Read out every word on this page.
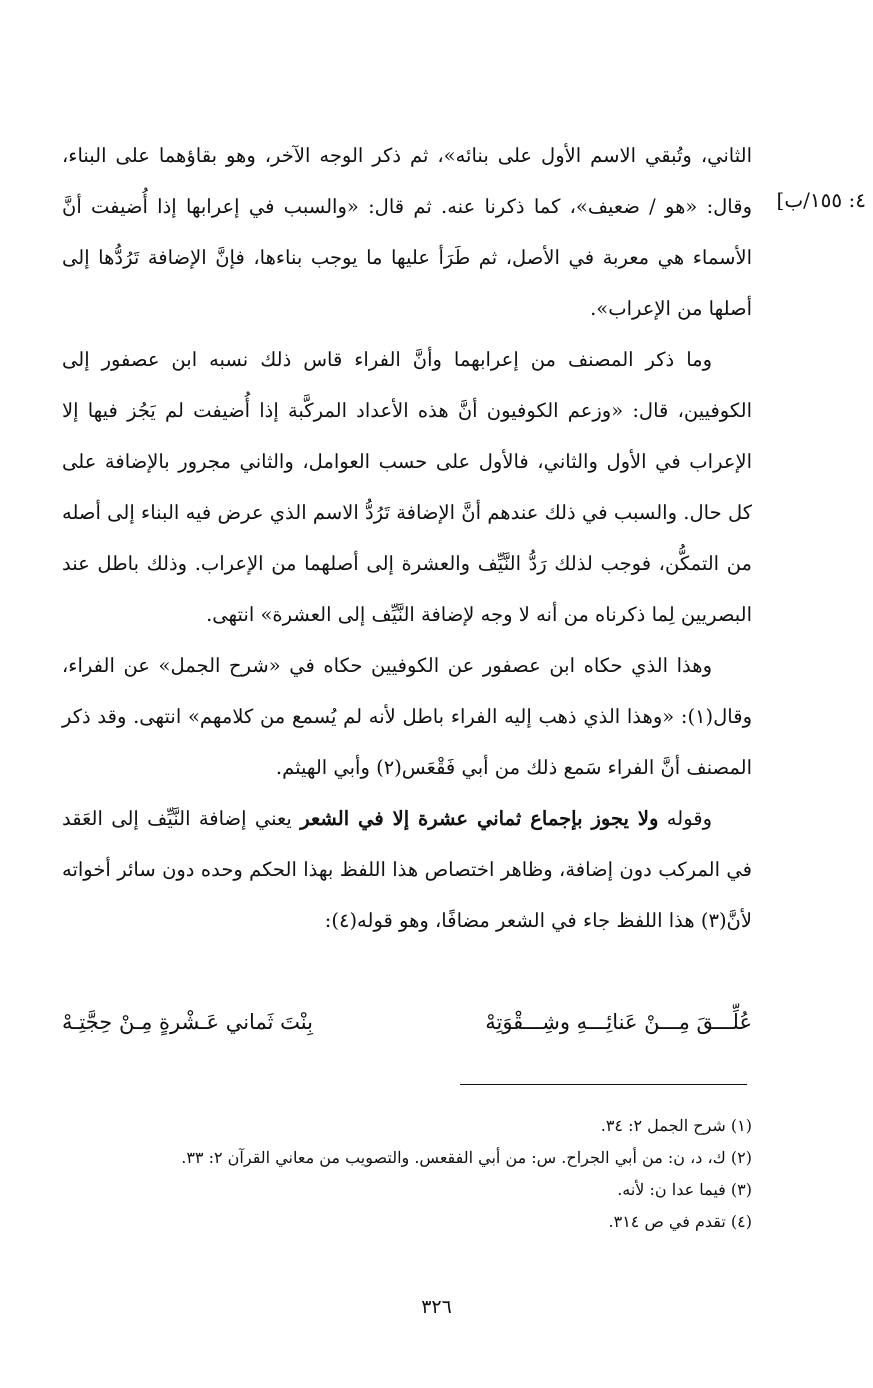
٤: ١٥٥/ب]

الثاني، وتُبقي الاسم الأول على بنائه»، ثم ذكر الوجه الآخر، وهو بقاؤهما على البناء، وقال: «هو / ضعيف»، كما ذكرنا عنه. ثم قال: «والسبب في إعرابها إذا أُضيفت أنَّ الأسماء هي معربة في الأصل، ثم طَرَأ عليها ما يوجب بناءها، فإنَّ الإضافة تَرُدُّها إلى أصلها من الإعراب».

وما ذكر المصنف من إعرابهما وأنَّ الفراء قاس ذلك نسبه ابن عصفور إلى الكوفيين، قال: «وزعم الكوفيون أنَّ هذه الأعداد المركَّبة إذا أُضيفت لم يَجُز فيها إلا الإعراب في الأول والثاني، فالأول على حسب العوامل، والثاني مجرور بالإضافة على كل حال. والسبب في ذلك عندهم أنَّ الإضافة تَرُدُّ الاسم الذي عرض فيه البناء إلى أصله من التمكُّن، فوجب لذلك رَدُّ النَّيِّف والعشرة إلى أصلهما من الإعراب. وذلك باطل عند البصريين لِما ذكرناه من أنه لا وجه لإضافة النَّيِّف إلى العشرة» انتهى.

وهذا الذي حكاه ابن عصفور عن الكوفيين حكاه في «شرح الجمل» عن الفراء، وقال(١): «وهذا الذي ذهب إليه الفراء باطل لأنه لم يُسمع من كلامهم» انتهى. وقد ذكر المصنف أنَّ الفراء سَمع ذلك من أبي فَقْعَس(٢) وأبي الهيثم.

وقوله ولا يجوز بإجماع ثماني عشرة إلا في الشعر يعني إضافة النَّيِّف إلى العَقد في المركب دون إضافة، وظاهر اختصاص هذا اللفظ بهذا الحكم وحده دون سائر أخواته لأنَّ(٣) هذا اللفظ جاء في الشعر مضافًا، وهو قوله(٤):

عُلِّـــقَ مِـــنْ عَنائِـــهِ وشِـــقْوَتِهْ
بِنْتَ ثَماني عَـشْرةٍ مِـنْ حِجَّتِـهْ
(١) شرح الجمل ٢: ٣٤.
(٢) ك، د، ن: من أبي الجراح. س: من أبي الفقعس. والتصويب من معاني القرآن ٢: ٣٣.
(٣) فيما عدا ن: لأنه.
(٤) تقدم في ص ٣١٤.
٣٢٦
